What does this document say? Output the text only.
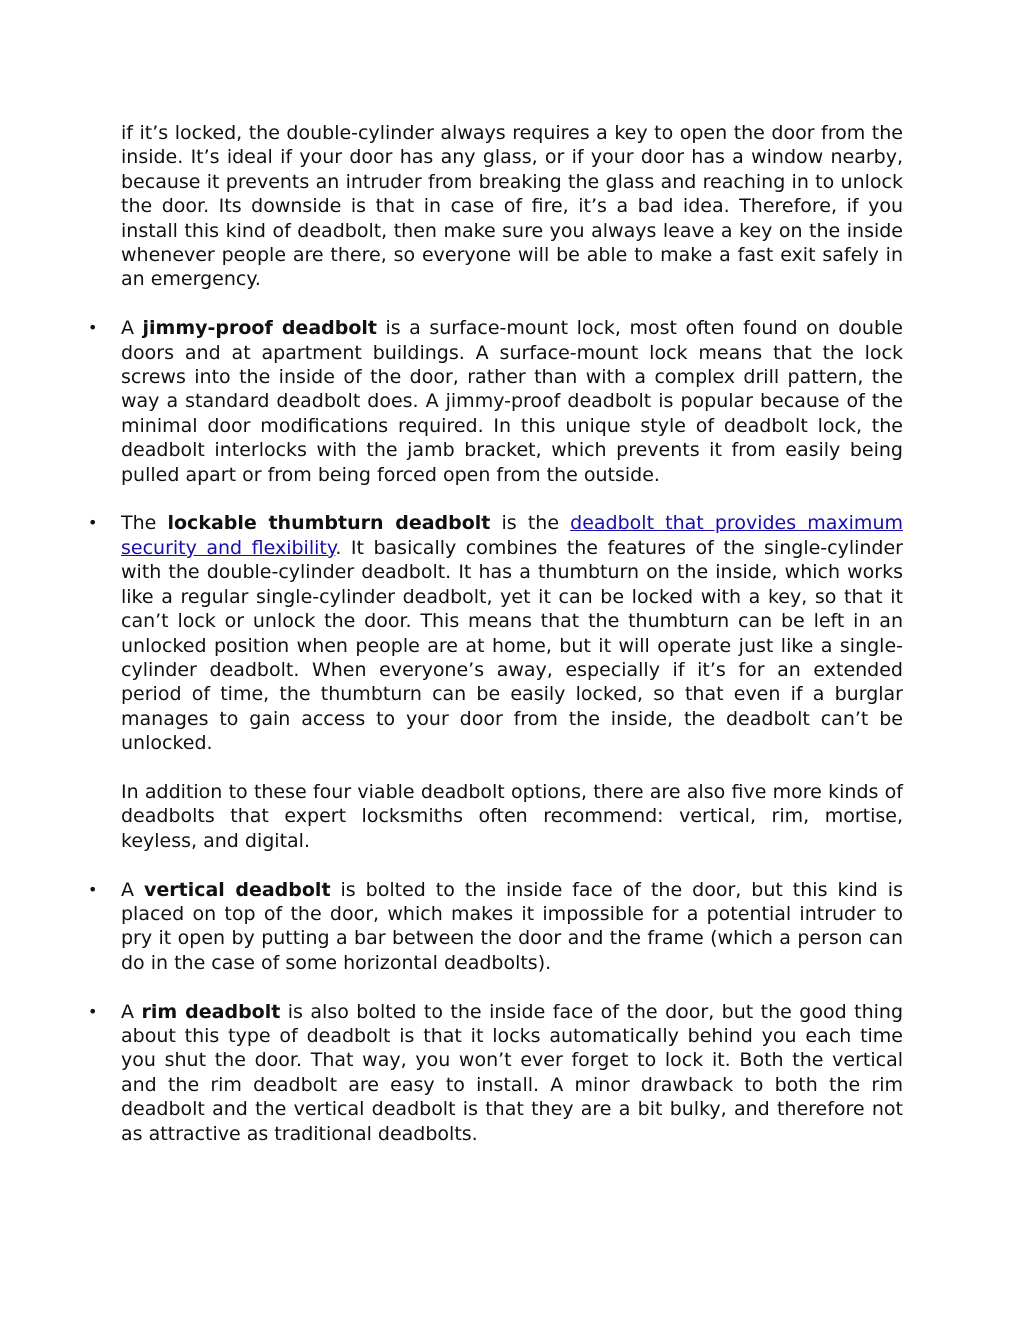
if it’s locked, the double-cylinder always requires a key to open the door from the inside. It’s ideal if your door has any glass, or if your door has a window nearby, because it prevents an intruder from breaking the glass and reaching in to unlock the door. Its downside is that in case of fire, it’s a bad idea. Therefore, if you install this kind of deadbolt, then make sure you always leave a key on the inside whenever people are there, so everyone will be able to make a fast exit safely in an emergency.

• A jimmy-proof deadbolt is a surface-mount lock, most often found on double doors and at apartment buildings. A surface-mount lock means that the lock screws into the inside of the door, rather than with a complex drill pattern, the way a standard deadbolt does. A jimmy-proof deadbolt is popular because of the minimal door modifications required. In this unique style of deadbolt lock, the deadbolt interlocks with the jamb bracket, which prevents it from easily being pulled apart or from being forced open from the outside.

• The lockable thumbturn deadbolt is the deadbolt that provides maximum security and flexibility. It basically combines the features of the single-cylinder with the double-cylinder deadbolt. It has a thumbturn on the inside, which works like a regular single-cylinder deadbolt, yet it can be locked with a key, so that it can’t lock or unlock the door. This means that the thumbturn can be left in an unlocked position when people are at home, but it will operate just like a single-cylinder deadbolt. When everyone’s away, especially if it’s for an extended period of time, the thumbturn can be easily locked, so that even if a burglar manages to gain access to your door from the inside, the deadbolt can’t be unlocked.

In addition to these four viable deadbolt options, there are also five more kinds of deadbolts that expert locksmiths often recommend: vertical, rim, mortise, keyless, and digital.

• A vertical deadbolt is bolted to the inside face of the door, but this kind is placed on top of the door, which makes it impossible for a potential intruder to pry it open by putting a bar between the door and the frame (which a person can do in the case of some horizontal deadbolts).

• A rim deadbolt is also bolted to the inside face of the door, but the good thing about this type of deadbolt is that it locks automatically behind you each time you shut the door. That way, you won’t ever forget to lock it. Both the vertical and the rim deadbolt are easy to install. A minor drawback to both the rim deadbolt and the vertical deadbolt is that they are a bit bulky, and therefore not as attractive as traditional deadbolts.
